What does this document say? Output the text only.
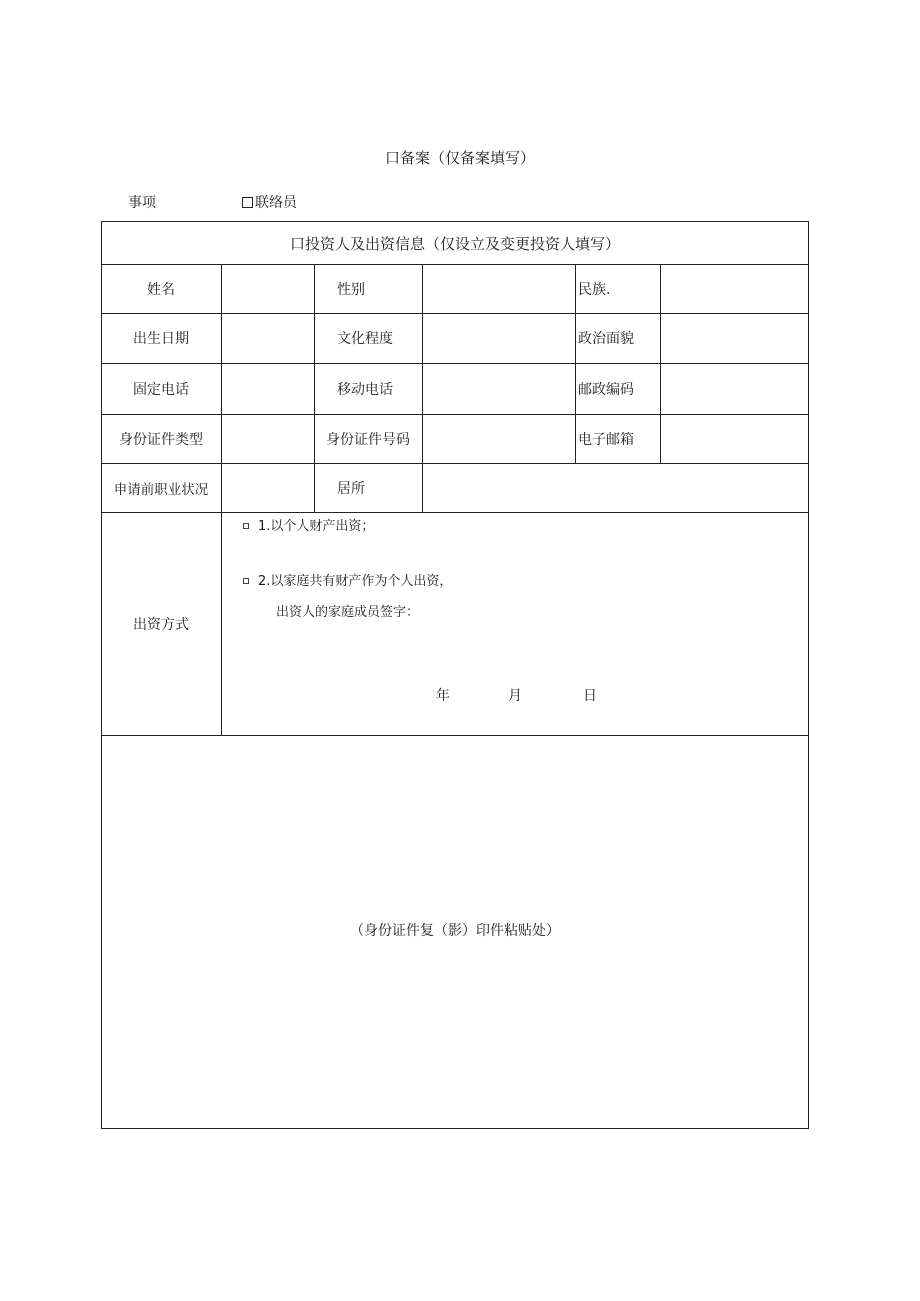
口备案（仅备案填写）
事项	联络员
口投资人及出资信息（仅设立及变更投资人填写）
姓名	性别	民族.
出生日期	文化程度	政治面貌
固定电话	移动电话	邮政编码
身份证件类型	身份证件号码	电子邮箱
申请前职业状况	居所
出资方式
1.以个人财产出资；
2.以家庭共有财产作为个人出资，
出资人的家庭成员签字：
年	月	日
（身份证件复（影）印件粘贴处）
